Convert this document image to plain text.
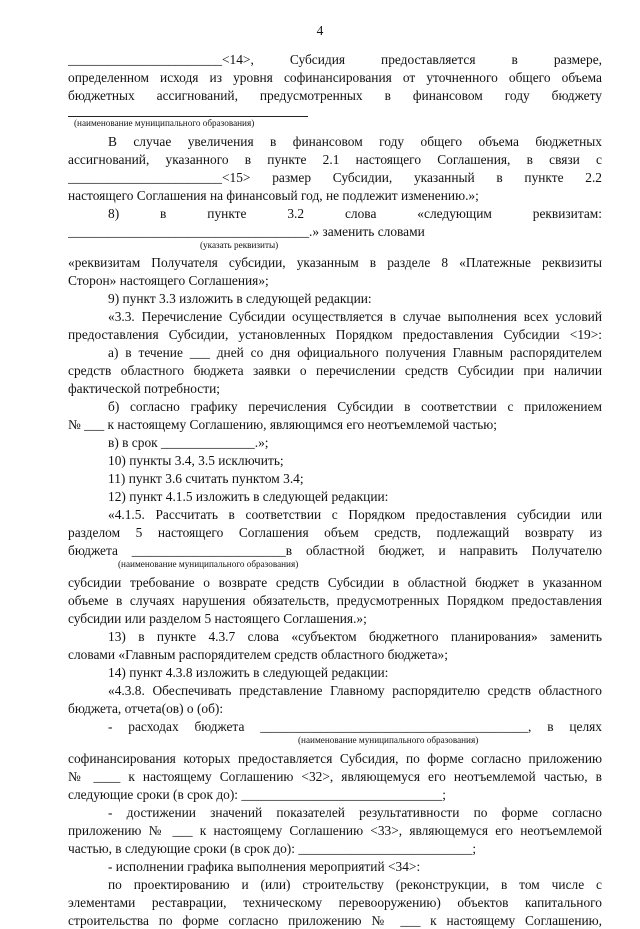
4
_______________________<14>, Субсидия предоставляется в размере,
определенном исходя из уровня софинансирования от уточненного общего объема
бюджетных ассигнований, предусмотренных в финансовом году бюджету
(наименование муниципального образования)
В случае увеличения в финансовом году общего объема бюджетных
ассигнований, указанного в пункте 2.1 настоящего Соглашения, в связи с
_______________________<15> размер Субсидии, указанный в пункте 2.2
настоящего Соглашения на финансовый год, не подлежит изменению.»;
8) в пункте 3.2 слова «следующим реквизитам:
____________________________________.» заменить словами
(указать реквизиты)
«реквизитам Получателя субсидии, указанным в разделе 8 «Платежные реквизиты
Сторон» настоящего Соглашения»;
9) пункт 3.3 изложить в следующей редакции:
«3.3. Перечисление Субсидии осуществляется в случае выполнения всех условий
предоставления Субсидии, установленных Порядком предоставления Субсидии <19>:
а) в течение ___ дней со дня официального получения Главным распорядителем
средств областного бюджета заявки о перечислении средств Субсидии при наличии
фактической потребности;
б) согласно графику перечисления Субсидии в соответствии с приложением
№ ___ к настоящему Соглашению, являющимся его неотъемлемой частью;
в) в срок ______________.»;
10) пункты 3.4, 3.5 исключить;
11) пункт 3.6 считать пунктом 3.4;
12) пункт 4.1.5 изложить в следующей редакции:
«4.1.5. Рассчитать в соответствии с Порядком предоставления субсидии или
разделом 5 настоящего Соглашения объем средств, подлежащий возврату из
бюджета _______________________в областной бюджет, и направить Получателю
(наименование муниципального образования)
субсидии требование о возврате средств Субсидии в областной бюджет в указанном
объеме в случаях нарушения обязательств, предусмотренных Порядком предоставления
субсидии или разделом 5 настоящего Соглашения.»;
13) в пункте 4.3.7 слова «субъектом бюджетного планирования» заменить
словами «Главным распорядителем средств областного бюджета»;
14) пункт 4.3.8 изложить в следующей редакции:
«4.3.8. Обеспечивать представление Главному распорядителю средств областного
бюджета, отчета(ов) о (об):
- расходах бюджета ________________________________________, в целях
(наименование муниципального образования)
софинансирования которых предоставляется Субсидия, по форме согласно приложению
№ ____ к настоящему Соглашению <32>, являющемуся его неотъемлемой частью, в
следующие сроки (в срок до): ______________________________;
- достижении значений показателей результативности по форме согласно
приложению № ___ к настоящему Соглашению <33>, являющемуся его неотъемлемой
частью, в следующие сроки (в срок до): __________________________;
- исполнении графика выполнения мероприятий <34>:
по проектированию и (или) строительству (реконструкции, в том числе с
элементами реставрации, техническому перевооружению) объектов капитального
строительства по форме согласно приложению № ___ к настоящему Соглашению,
